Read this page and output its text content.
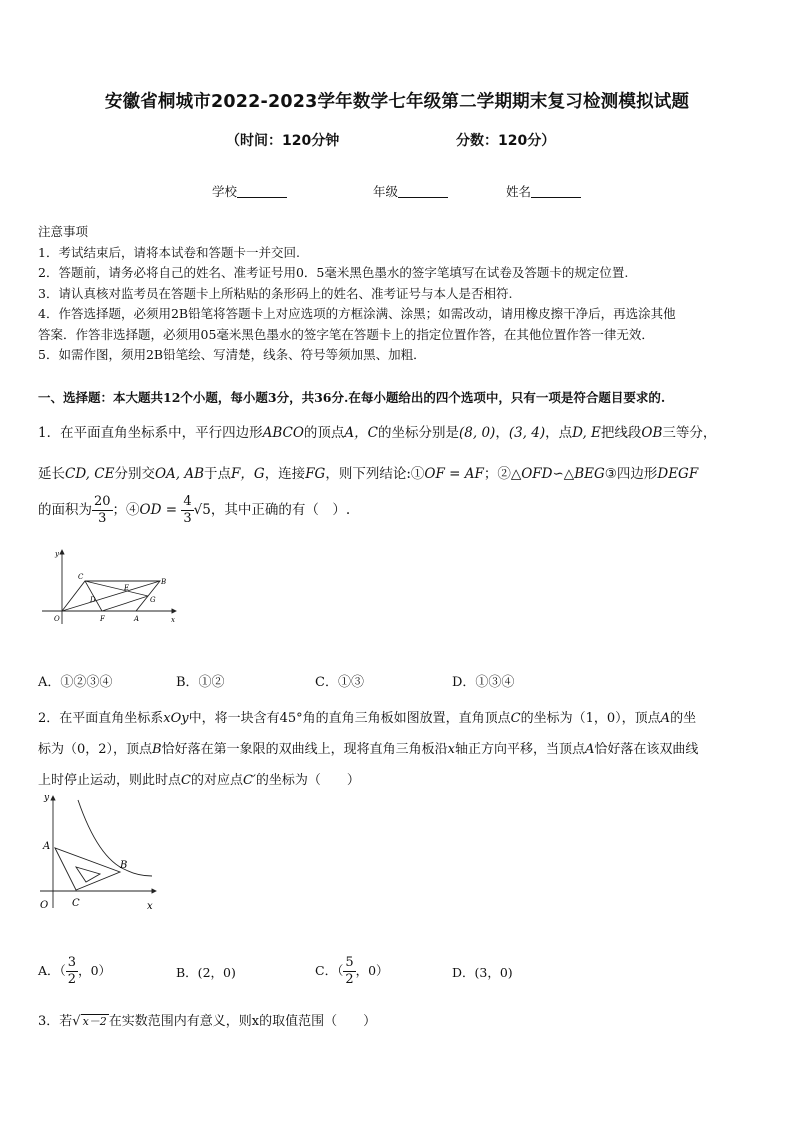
安徽省桐城市2022-2023学年数学七年级第二学期期末复习检测模拟试题
（时间：120分钟	分数：120分）
学校	年级	姓名
注意事项
1．考试结束后，请将本试卷和答题卡一并交回.
2．答题前，请务必将自己的姓名、准考证号用0．5毫米黑色墨水的签字笔填写在试卷及答题卡的规定位置.
3．请认真核对监考员在答题卡上所粘贴的条形码上的姓名、准考证号与本人是否相符.
4．作答选择题，必须用2B铅笔将答题卡上对应选项的方框涂满、涂黑；如需改动，请用橡皮擦干净后，再选涂其他
答案．作答非选择题，必须用05毫米黑色墨水的签字笔在答题卡上的指定位置作答，在其他位置作答一律无效．
5．如需作图，须用2B铅笔绘、写清楚，线条、符号等须加黑、加粗．
一、选择题：本大题共12个小题，每小题3分，共36分.在每小题给出的四个选项中，只有一项是符合题目要求的.
1．在平面直角坐标系中，平行四边形ABCO的顶点A，C的坐标分别是(8, 0)，(3, 4)，点D, E把线段OB三等分，
延长CD, CE分别交OA, AB于点F，G，连接FG，则下列结论:①OF = AF；②△OFD∽△BEG③四边形DEGF
的面积为 $\frac{20}{3}$ ；④OD = $\frac{4}{3} √5$，其中正确的有（　）.
y
C
E
B
D	G
O	F	A	x
A．①②③④	B．①②	C．①③	D．①③④
2．在平面直角坐标系xOy中，将一块含有45°角的直角三角板如图放置，直角顶点C的坐标为（1，0），顶点A的坐
标为（0，2），顶点B恰好落在第一象限的双曲线上，现将直角三角板沿x轴正方向平移，当顶点A恰好落在该双曲线
上时停止运动，则此时点C的对应点C′的坐标为（　　）
y
A
B
O C	x
A．（ $\frac{3}{2}$ ，0）	B．(2，0)	C．（ $\frac{5}{2}$ ，0）	D．(3，0)
3．若√ x－2 在实数范围内有意义，则x的取值范围（　　）
